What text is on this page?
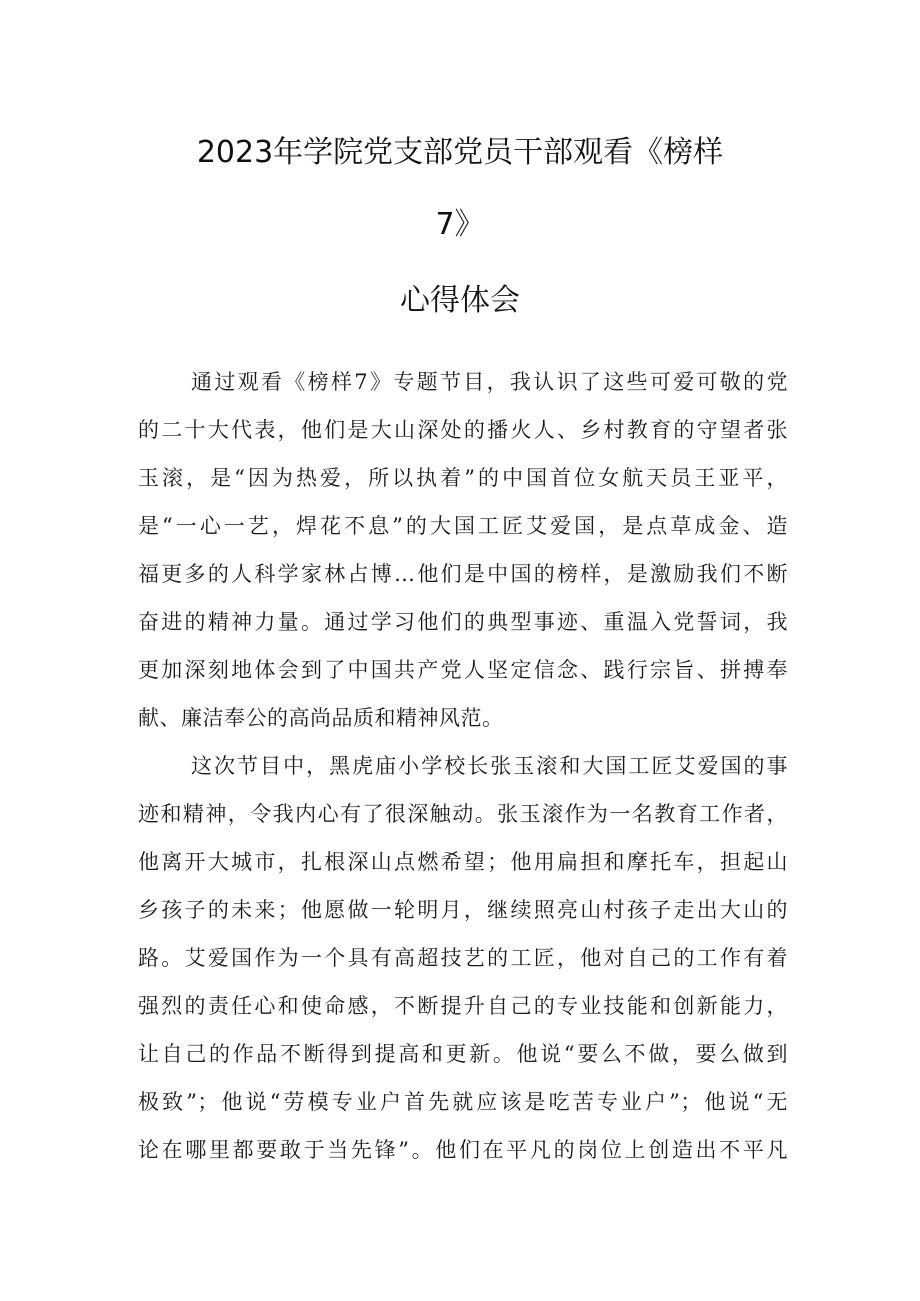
2023年学院党支部党员干部观看《榜样
7》
心得体会
通过观看《榜样7》专题节目，我认识了这些可爱可敬的党
的二十大代表，他们是大山深处的播火人、乡村教育的守望者张
玉滚，是“因为热爱，所以执着”的中国首位女航天员王亚平，
是“一心一艺，焊花不息”的大国工匠艾爱国，是点草成金、造
福更多的人科学家林占博…他们是中国的榜样，是激励我们不断
奋进的精神力量。通过学习他们的典型事迹、重温入党誓词，我
更加深刻地体会到了中国共产党人坚定信念、践行宗旨、拼搏奉
献、廉洁奉公的高尚品质和精神风范。
这次节目中，黑虎庙小学校长张玉滚和大国工匠艾爱国的事
迹和精神，令我内心有了很深触动。张玉滚作为一名教育工作者，
他离开大城市，扎根深山点燃希望；他用扁担和摩托车，担起山
乡孩子的未来；他愿做一轮明月，继续照亮山村孩子走出大山的
路。艾爱国作为一个具有高超技艺的工匠，他对自己的工作有着
强烈的责任心和使命感，不断提升自己的专业技能和创新能力，
让自己的作品不断得到提高和更新。他说“要么不做，要么做到
极致”；他说“劳模专业户首先就应该是吃苦专业户”；他说“无
论在哪里都要敢于当先锋”。他们在平凡的岗位上创造出不平凡
